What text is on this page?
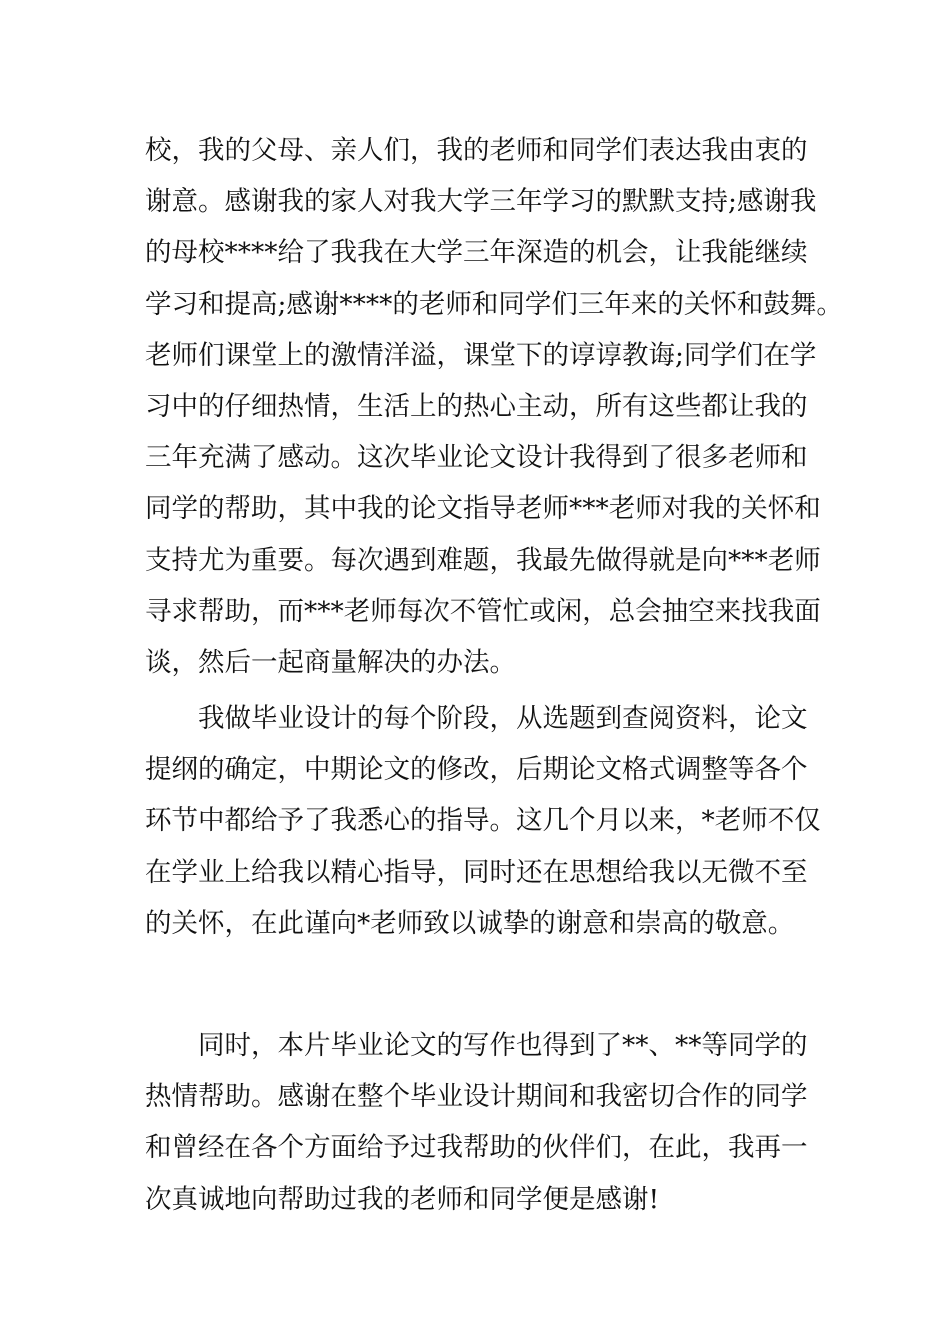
校，我的父母、亲人们，我的老师和同学们表达我由衷的
谢意。感谢我的家人对我大学三年学习的默默支持;感谢我
的母校****给了我我在大学三年深造的机会，让我能继续
学习和提高;感谢****的老师和同学们三年来的关怀和鼓舞。
老师们课堂上的激情洋溢，课堂下的谆谆教诲;同学们在学
习中的仔细热情，生活上的热心主动，所有这些都让我的
三年充满了感动。这次毕业论文设计我得到了很多老师和
同学的帮助，其中我的论文指导老师***老师对我的关怀和
支持尤为重要。每次遇到难题，我最先做得就是向***老师
寻求帮助，而***老师每次不管忙或闲，总会抽空来找我面
谈，然后一起商量解决的办法。
我做毕业设计的每个阶段，从选题到查阅资料，论文
提纲的确定，中期论文的修改，后期论文格式调整等各个
环节中都给予了我悉心的指导。这几个月以来，*老师不仅
在学业上给我以精心指导，同时还在思想给我以无微不至
的关怀，在此谨向*老师致以诚挚的谢意和崇高的敬意。
同时，本片毕业论文的写作也得到了**、**等同学的
热情帮助。感谢在整个毕业设计期间和我密切合作的同学
和曾经在各个方面给予过我帮助的伙伴们，在此，我再一
次真诚地向帮助过我的老师和同学便是感谢!
